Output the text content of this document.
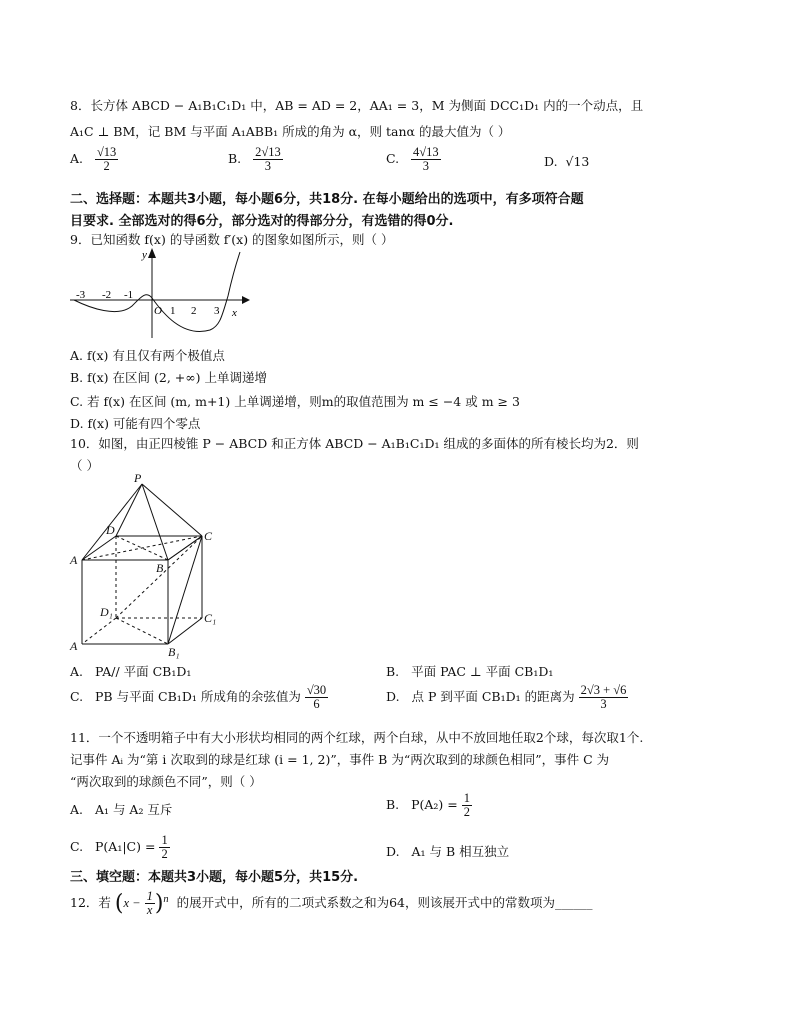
8．长方体 ABCD − A₁B₁C₁D₁ 中，AB = AD = 2，AA₁ = 3，M 为侧面 DCC₁D₁ 内的一个动点，且
A₁C ⊥ BM，记 BM 与平面 A₁ABB₁ 所成的角为 α，则 tanα 的最大值为（ ）
A. $\frac{√13}{2}$	B. $\frac{2√13}{3}$	C. $\frac{4√13}{3}$	D. √13
二、选择题：本题共3小题，每小题6分，共18分. 在每小题给出的选项中，有多项符合题
目要求. 全部选对的得6分，部分选对的得部分分，有选错的得0分.
9．已知函数 f(x) 的导函数 f′(x) 的图象如图所示，则（ ）
y
x
O
-3 -2 -1
1 2 3
A. f(x) 有且仅有两个极值点
B. f(x) 在区间 (2, +∞) 上单调递增
C. 若 f(x) 在区间 (m, m+1) 上单调递增，则m的取值范围为 m ≤ −4 或 m ≥ 3
D. f(x) 可能有四个零点
10．如图，由正四棱锥 P − ABCD 和正方体 ABCD − A₁B₁C₁D₁ 组成的多面体的所有棱长均为2．则
（ ）
P
D	C
A
B
D₁	C₁
A	B₁
A. PA// 平面 CB₁D₁	B. 平面 PAC ⊥ 平面 CB₁D₁
C. PB 与平面 CB₁D₁ 所成角的余弦值为 $\frac{√30}{6}$	D. 点 P 到平面 CB₁D₁ 的距离为 $\frac{2√3 + √6}{3}$
11．一个不透明箱子中有大小形状均相同的两个红球，两个白球，从中不放回地任取2个球，每次取1个.
记事件 Aᵢ 为“第 i 次取到的球是红球 (i = 1, 2)”，事件 B 为“两次取到的球颜色相同”，事件 C 为
“两次取到的球颜色不同”，则（ ）
A. A₁ 与 A₂ 互斥	B. $P(A_2) = \frac{1}{2}$
C. $P(A_1|C) = \frac{1}{2}$	D. A₁ 与 B 相互独立
三、填空题：本题共3小题，每小题5分，共15分.
12．若 $(x - \frac{1}{x} )^n$ 的展开式中，所有的二项式系数之和为64，则该展开式中的常数项为______
